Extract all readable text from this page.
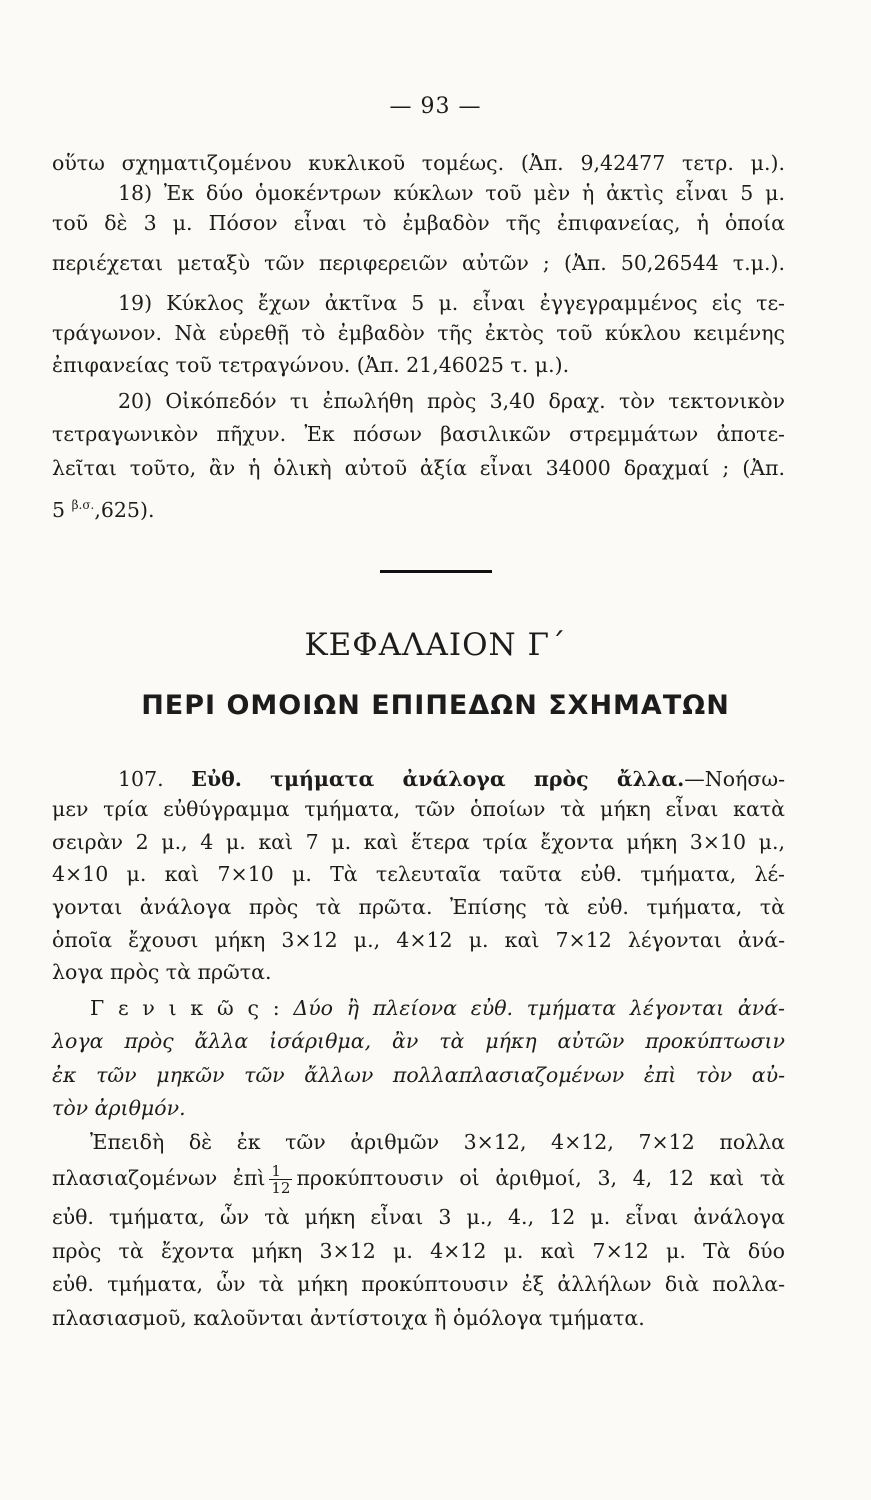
— 93 —
οὕτω σχηματιζομένου κυκλικοῦ τομέως. (Ἀπ. 9,42477 τετρ. μ.).
18) Ἐκ δύο ὁμοκέντρων κύκλων τοῦ μὲν ἡ ἀκτὶς εἶναι 5 μ.
τοῦ δὲ 3 μ. Πόσον εἶναι τὸ ἐμβαδὸν τῆς ἐπιφανείας, ἡ ὁποία
περιέχεται μεταξὺ τῶν περιφερειῶν αὐτῶν ; (Ἀπ. 50,26544 τ.μ.).
19) Κύκλος ἔχων ἀκτῖνα 5 μ. εἶναι ἐγγεγραμμένος εἰς τε-
τράγωνον. Νὰ εὑρεθῇ τὸ ἐμβαδὸν τῆς ἐκτὸς τοῦ κύκλου κειμένης
ἐπιφανείας τοῦ τετραγώνου. (Ἀπ. 21,46025 τ. μ.).
20) Οἰκόπεδόν τι ἐπωλήθη πρὸς 3,40 δραχ. τὸν τεκτονικὸν
τετραγωνικὸν πῆχυν. Ἐκ πόσων βασιλικῶν στρεμμάτων ἀποτε-
λεῖται τοῦτο, ἂν ἡ ὁλικὴ αὐτοῦ ἀξία εἶναι 34000 δραχμαί ; (Ἀπ.
5 $^{\beta.\sigma.}$,625).
ΚΕΦΑΛΑΙΟΝ Γ´
ΠΕΡΙ ΟΜΟΙΩΝ ΕΠΙΠΕΔΩΝ ΣΧΗΜΑΤΩΝ
107. Εὐθ. τμήματα ἀνάλογα πρὸς ἄλλα.—Νοήσω-
μεν τρία εὐθύγραμμα τμήματα, τῶν ὁποίων τὰ μήκη εἶναι κατὰ
σειρὰν 2 μ., 4 μ. καὶ 7 μ. καὶ ἕτερα τρία ἔχοντα μήκη 3×10 μ.,
4×10 μ. καὶ 7×10 μ. Τὰ τελευταῖα ταῦτα εὐθ. τμήματα, λέ-
γονται ἀνάλογα πρὸς τὰ πρῶτα. Ἐπίσης τὰ εὐθ. τμήματα, τὰ
ὁποῖα ἔχουσι μήκη 3×12 μ., 4×12 μ. καὶ 7×12 λέγονται ἀνά-
λογα πρὸς τὰ πρῶτα.
Γ ε ν ι κ ῶ ς : Δύο ἢ πλείονα εὐθ. τμήματα λέγονται ἀνά-
λογα πρὸς ἄλλα ἰσάριθμα, ἂν τὰ μήκη αὐτῶν προκύπτωσιν
ἐκ τῶν μηκῶν τῶν ἄλλων πολλαπλασιαζομένων ἐπὶ τὸν αὐ-
τὸν ἀριθμόν.
Ἐπειδὴ δὲ ἐκ τῶν ἀριθμῶν 3×12, 4×12, 7×12 πολλα
πλασιαζομένων ἐπὶ $\frac{1}{12}$ προκύπτουσιν οἱ ἀριθμοί, 3, 4, 12 καὶ τὰ
εὐθ. τμήματα, ὧν τὰ μήκη εἶναι 3 μ., 4., 12 μ. εἶναι ἀνάλογα
πρὸς τὰ ἔχοντα μήκη 3×12 μ. 4×12 μ. καὶ 7×12 μ. Τὰ δύο
εὐθ. τμήματα, ὧν τὰ μήκη προκύπτουσιν ἐξ ἀλλήλων διὰ πολλα-
πλασιασμοῦ, καλοῦνται ἀντίστοιχα ἢ ὁμόλογα τμήματα.
